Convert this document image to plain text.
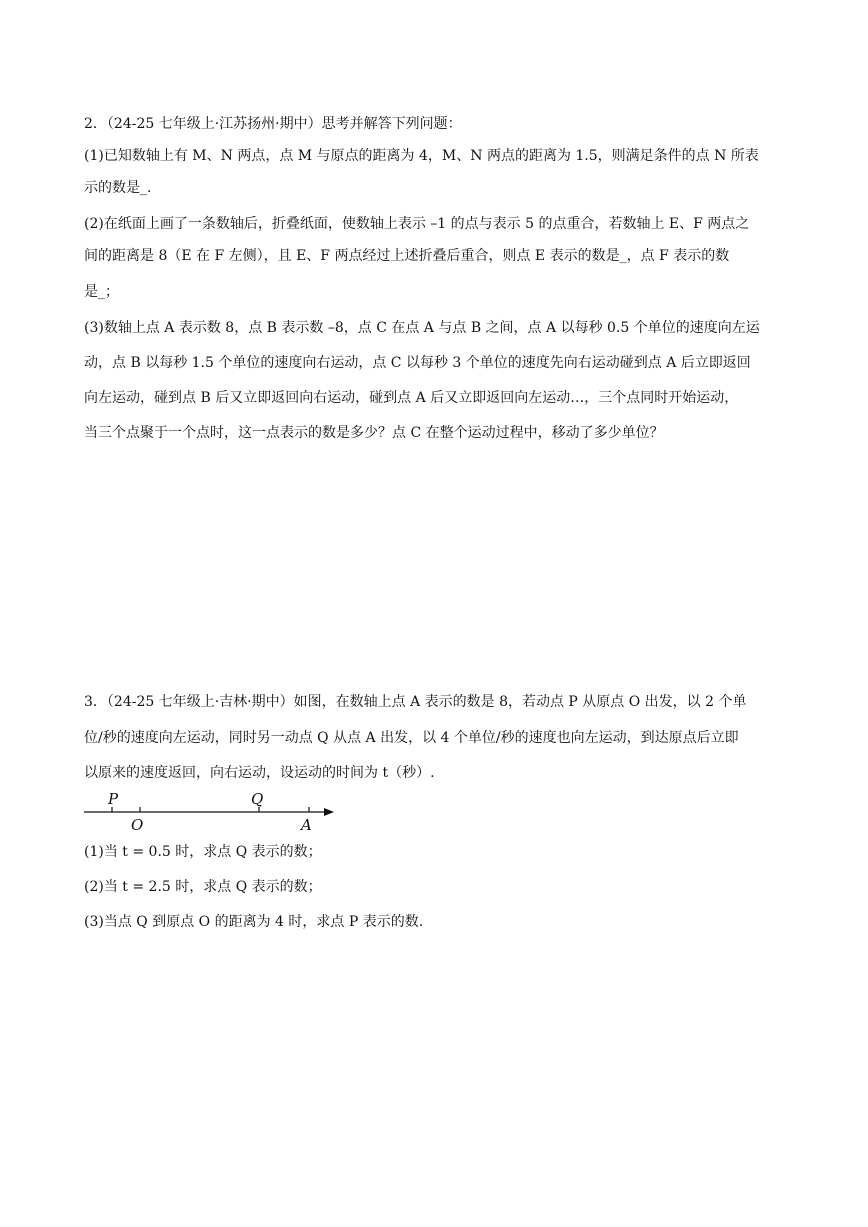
2．（24-25 七年级上·江苏扬州·期中）思考并解答下列问题：
(1)已知数轴上有 M、N 两点，点 M 与原点的距离为 4，M、N 两点的距离为 1.5，则满足条件的点 N 所表
示的数是_.
(2)在纸面上画了一条数轴后，折叠纸面，使数轴上表示 –1 的点与表示 5 的点重合，若数轴上 E、F 两点之
间的距离是 8（E 在 F 左侧），且 E、F 两点经过上述折叠后重合，则点 E 表示的数是_，点 F 表示的数
是_；
(3)数轴上点 A 表示数 8，点 B 表示数 –8，点 C 在点 A 与点 B 之间，点 A 以每秒 0.5 个单位的速度向左运
动，点 B 以每秒 1.5 个单位的速度向右运动，点 C 以每秒 3 个单位的速度先向右运动碰到点 A 后立即返回
向左运动，碰到点 B 后又立即返回向右运动，碰到点 A 后又立即返回向左运动…，三个点同时开始运动，
当三个点聚于一个点时，这一点表示的数是多少？点 C 在整个运动过程中，移动了多少单位？
3．（24-25 七年级上·吉林·期中）如图，在数轴上点 A 表示的数是 8，若动点 P 从原点 O 出发，以 2 个单
位/秒的速度向左运动，同时另一动点 Q 从点 A 出发，以 4 个单位/秒的速度也向左运动，到达原点后立即
以原来的速度返回，向右运动，设运动的时间为 t（秒）.
P
O
Q
A
(1)当 t = 0.5 时，求点 Q 表示的数；
(2)当 t = 2.5 时，求点 Q 表示的数；
(3)当点 Q 到原点 O 的距离为 4 时，求点 P 表示的数.
